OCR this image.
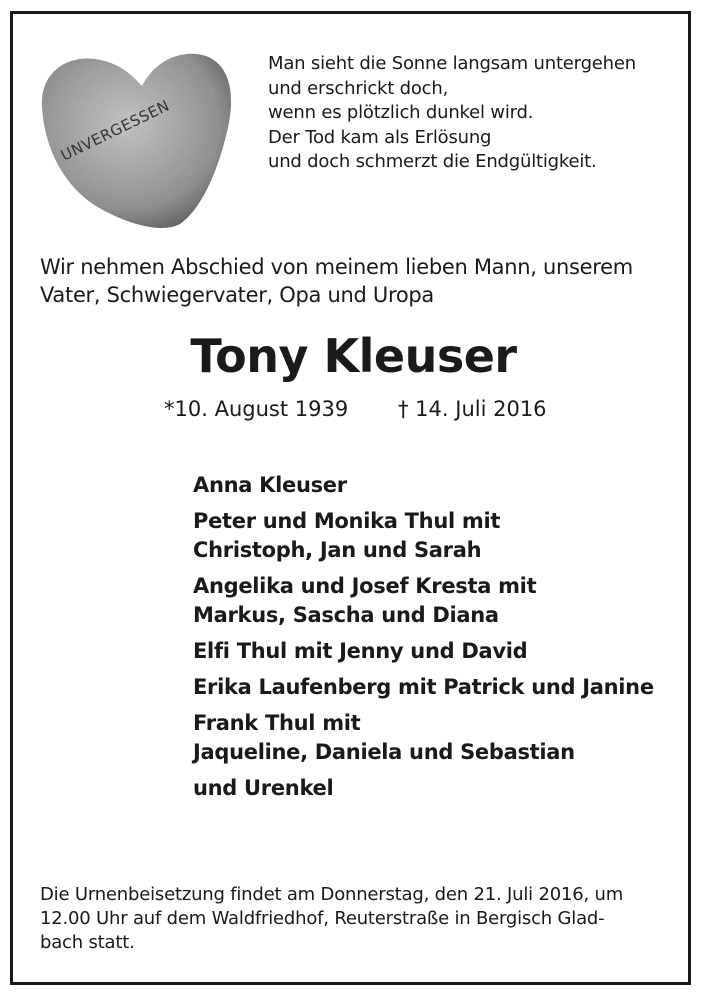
UNVERGESSEN

Man sieht die Sonne langsam untergehen
und erschrickt doch,
wenn es plötzlich dunkel wird.
Der Tod kam als Erlösung
und doch schmerzt die Endgültigkeit.

Wir nehmen Abschied von meinem lieben Mann, unserem
Vater, Schwiegervater, Opa und Uropa

Tony Kleuser
*10. August 1939 † 14. Juli 2016
Anna Kleuser
Peter und Monika Thul mit
Christoph, Jan und Sarah
Angelika und Josef Kresta mit
Markus, Sascha und Diana
Elfi Thul mit Jenny und David
Erika Laufenberg mit Patrick und Janine
Frank Thul mit
Jaqueline, Daniela und Sebastian
und Urenkel

Die Urnenbeisetzung findet am Donnerstag, den 21. Juli 2016, um
12.00 Uhr auf dem Waldfriedhof, Reuterstraße in Bergisch Glad-
bach statt.
